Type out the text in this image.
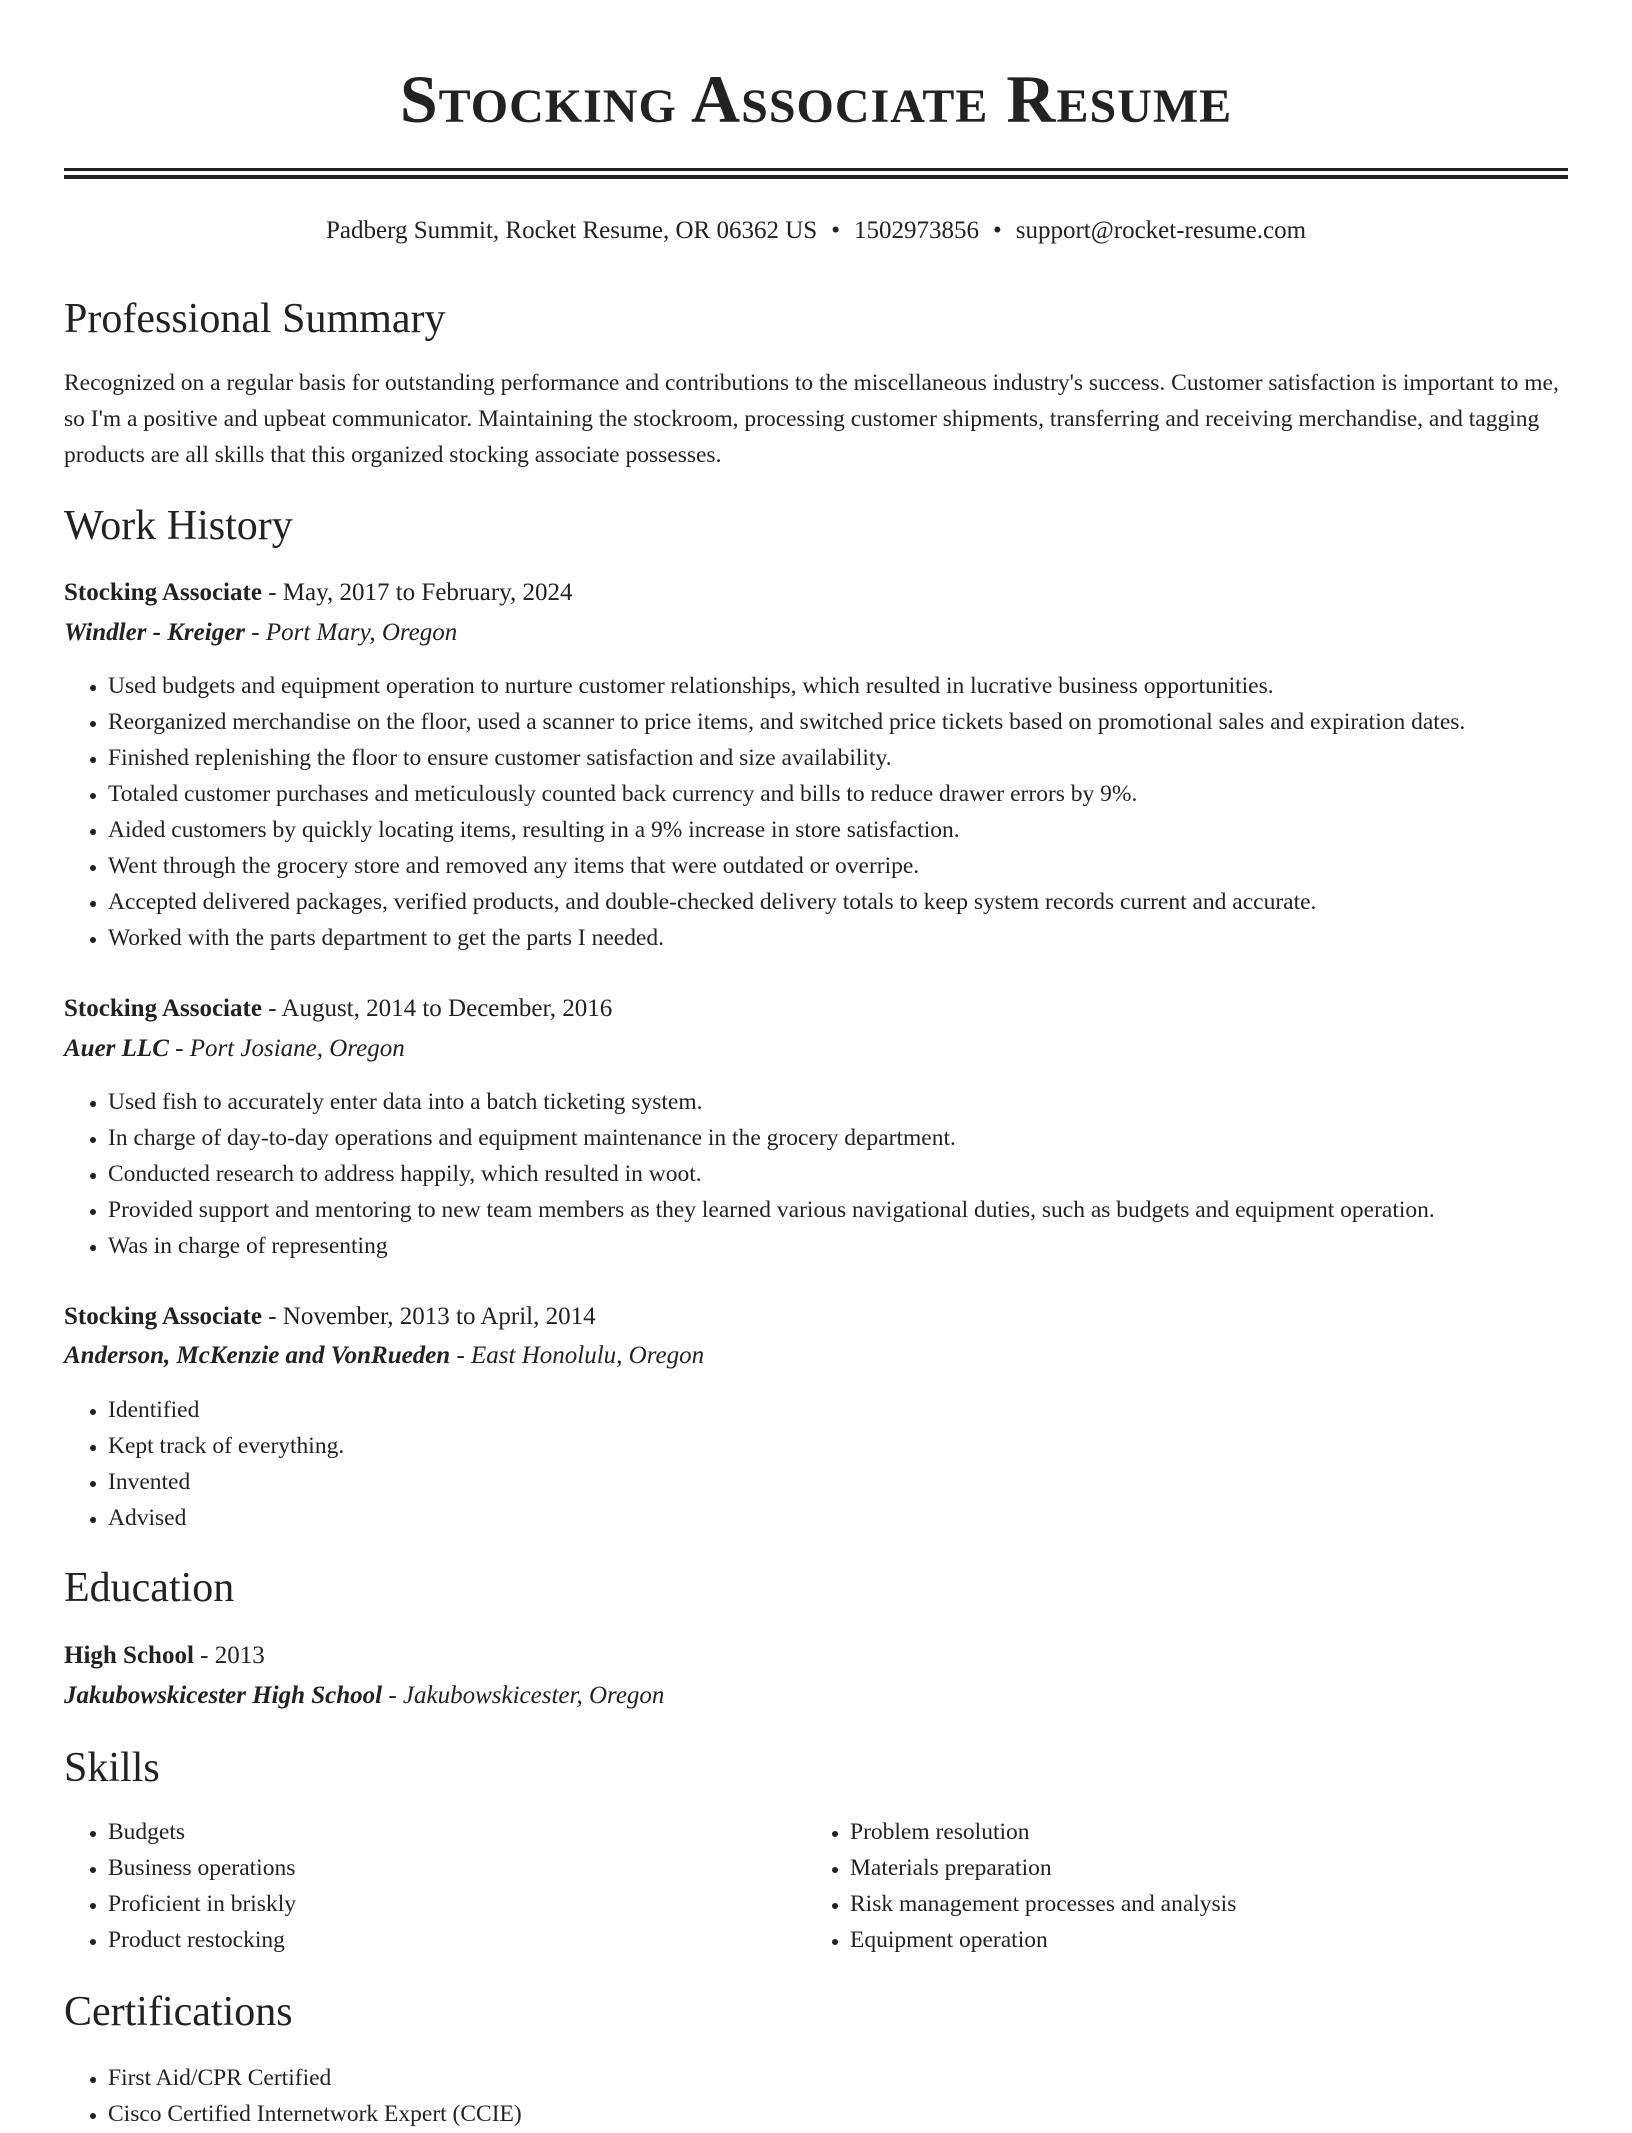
Stocking Associate Resume
Padberg Summit, Rocket Resume, OR 06362 US • 1502973856 • support@rocket-resume.com
Professional Summary

Recognized on a regular basis for outstanding performance and contributions to the miscellaneous industry's success. Customer satisfaction is important to me, so I'm a positive and upbeat communicator. Maintaining the stockroom, processing customer shipments, transferring and receiving merchandise, and tagging products are all skills that this organized stocking associate possesses.

Work History
Stocking Associate - May, 2017 to February, 2024
Windler - Kreiger - Port Mary, Oregon
• Used budgets and equipment operation to nurture customer relationships, which resulted in lucrative business opportunities.
• Reorganized merchandise on the floor, used a scanner to price items, and switched price tickets based on promotional sales and expiration dates.
• Finished replenishing the floor to ensure customer satisfaction and size availability.
• Totaled customer purchases and meticulously counted back currency and bills to reduce drawer errors by 9%.
• Aided customers by quickly locating items, resulting in a 9% increase in store satisfaction.
• Went through the grocery store and removed any items that were outdated or overripe.
• Accepted delivered packages, verified products, and double-checked delivery totals to keep system records current and accurate.
• Worked with the parts department to get the parts I needed.
Stocking Associate - August, 2014 to December, 2016
Auer LLC - Port Josiane, Oregon
• Used fish to accurately enter data into a batch ticketing system.
• In charge of day-to-day operations and equipment maintenance in the grocery department.
• Conducted research to address happily, which resulted in woot.
• Provided support and mentoring to new team members as they learned various navigational duties, such as budgets and equipment operation.
• Was in charge of representing
Stocking Associate - November, 2013 to April, 2014
Anderson, McKenzie and VonRueden - East Honolulu, Oregon
• Identified
• Kept track of everything.
• Invented
• Advised
Education
High School - 2013
Jakubowskicester High School - Jakubowskicester, Oregon
Skills
• Budgets
• Business operations
• Proficient in briskly
• Product restocking
• Problem resolution
• Materials preparation
• Risk management processes and analysis
• Equipment operation
Certifications
• First Aid/CPR Certified
• Cisco Certified Internetwork Expert (CCIE)
